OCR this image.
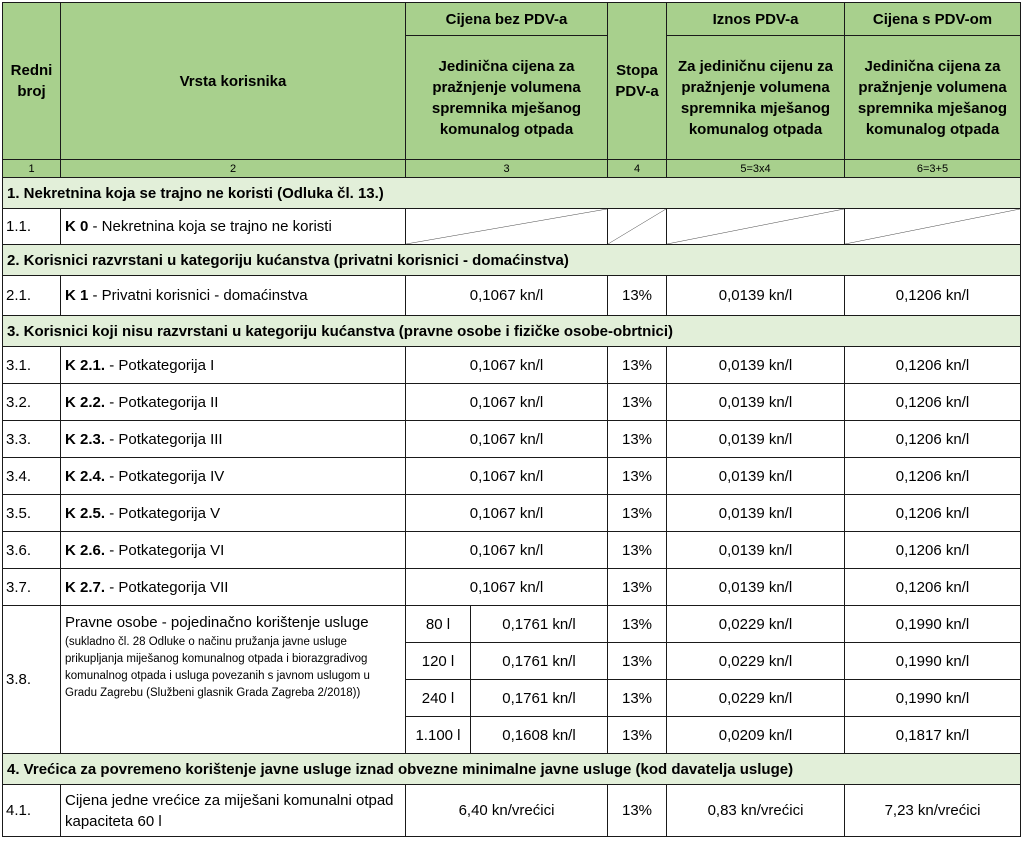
Redni broj	Vrsta korisnika	Cijena bez PDV-a		Stopa PDV-a	Iznos PDV-a	Cijena s PDV-om
		Jedinična cijena za pražnjenje volumena spremnika mješanog komunalog otpada			Za jediničnu cijenu za pražnjenje volumena spremnika mješanog komunalog otpada	Jedinična cijena za pražnjenje volumena spremnika mješanog komunalog otpada
1	2	3		4	5=3x4	6=3+5
1. Nekretnina koja se trajno ne koristi (Odluka čl. 13.)						
1.1.	K 0 - Nekretnina koja se trajno ne koristi	

2. Korisnici razvrstani u kategoriju kućanstva (privatni korisnici - domaćinstva)						
2.1.	K 1 - Privatni korisnici - domaćinstva	0,1067 kn/l		13%	0,0139 kn/l	0,1206 kn/l
3. Korisnici koji nisu razvrstani u kategoriju kućanstva (pravne osobe i fizičke osobe-obrtnici)						
3.1.	K 2.1. - Potkategorija I	0,1067 kn/l		13%	0,0139 kn/l	0,1206 kn/l
3.2.	K 2.2. - Potkategorija II	0,1067 kn/l		13%	0,0139 kn/l	0,1206 kn/l
3.3.	K 2.3. - Potkategorija III	0,1067 kn/l		13%	0,0139 kn/l	0,1206 kn/l
3.4.	K 2.4. - Potkategorija IV	0,1067 kn/l		13%	0,0139 kn/l	0,1206 kn/l
3.5.	K 2.5. - Potkategorija V	0,1067 kn/l		13%	0,0139 kn/l	0,1206 kn/l
3.6.	K 2.6. - Potkategorija VI	0,1067 kn/l		13%	0,0139 kn/l	0,1206 kn/l
3.7.	K 2.7. - Potkategorija VII	0,1067 kn/l		13%	0,0139 kn/l	0,1206 kn/l
3.8.	Pravne osobe - pojedinačno korištenje usluge (sukladno čl. 28 Odluke o načinu pružanja javne usluge prikupljanja miješanog komunalnog otpada i biorazgradivog komunalnog otpada i usluga povezanih s javnom uslugom u Gradu Zagrebu (Službeni glasnik Grada Zagreba 2/2018))	80 l	0,1761 kn/l	13%	0,0229 kn/l	0,1990 kn/l
		120 l	0,1761 kn/l	13%	0,0229 kn/l	0,1990 kn/l
		240 l	0,1761 kn/l	13%	0,0229 kn/l	0,1990 kn/l
		1.100 l	0,1608 kn/l	13%	0,0209 kn/l	0,1817 kn/l
4. Vrećica za povremeno korištenje javne usluge iznad obvezne minimalne javne usluge (kod davatelja usluge)						
4.1.	Cijena jedne vrećice za miješani komunalni otpad kapaciteta 60 l	6,40 kn/vrećici		13%	0,83 kn/vrećici	7,23 kn/vrećici
